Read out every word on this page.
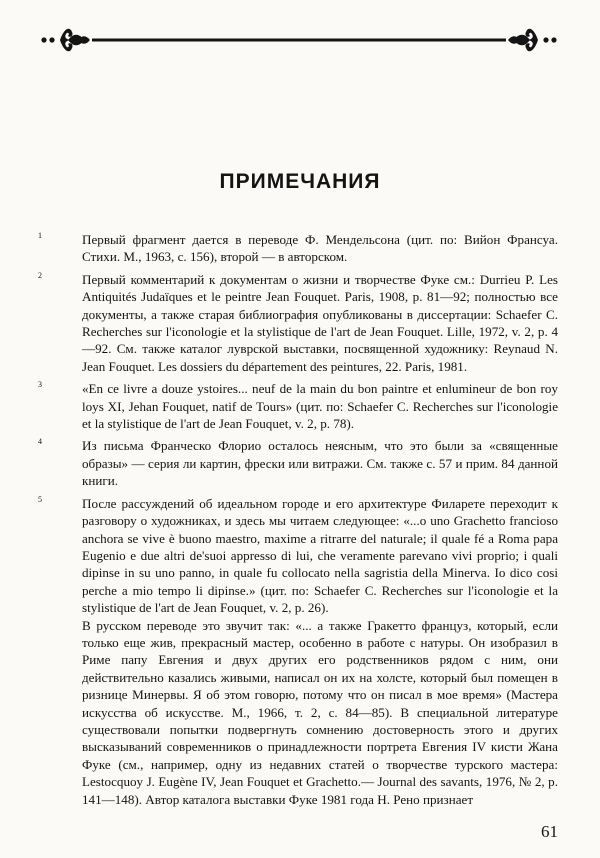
ПРИМЕЧАНИЯ
1	Первый фрагмент дается в переводе Ф. Мендельсона (цит. по: Вийон Франсуа. Стихи. М., 1963, с. 156), второй — в авторском.

2	Первый комментарий к документам о жизни и творчестве Фуке см.: Durrieu P. Les Antiquités Judaïques et le peintre Jean Fouquet. Paris, 1908, p. 81—92; полностью все документы, а также старая библиография опубликованы в диссертации: Schaefer C. Recherches sur l'iconologie et la stylistique de l'art de Jean Fouquet. Lille, 1972, v. 2, p. 4—92. См. также каталог луврской выставки, посвященной художнику: Reynaud N. Jean Fouquet. Les dossiers du département des peintures, 22. Paris, 1981.

3	«En ce livre a douze ystoires... neuf de la main du bon paintre et enlumineur de bon roy loys XI, Jehan Fouquet, natif de Tours» (цит. по: Schaefer C. Recherches sur l'iconologie et la stylistique de l'art de Jean Fouquet, v. 2, p. 78).

4	Из письма Франческо Флорио осталось неясным, что это были за «священные образы» — серия ли картин, фрески или витражи. См. также с. 57 и прим. 84 данной книги.

5	После рассуждений об идеальном городе и его архитектуре Филарете переходит к разговору о художниках, и здесь мы читаем следующее: «...о uno Grachetto francioso anchora se vive è buono maestro, maxime a ritrarre del naturale; il quale fé a Roma papa Eugenio e due altri de'suoi appresso di lui, che veramente parevano vivi proprio; i quali dipinse in su uno panno, in quale fu collocato nella sagristia della Minerva. Io dico cosi perche a mio tempo li dipinse.» (цит. по: Schaefer C. Recherches sur l'iconologie et la stylistique de l'art de Jean Fouquet, v. 2, p. 26).

В русском переводе это звучит так: «... а также Гракетто француз, который, если только еще жив, прекрасный мастер, особенно в работе с натуры. Он изобразил в Риме папу Евгения и двух других его родственников рядом с ним, они действительно казались живыми, написал он их на холсте, который был помещен в ризнице Минервы. Я об этом говорю, потому что он писал в мое время» (Мастера искусства об искусстве. М., 1966, т. 2, с. 84—85). В специальной литературе существовали попытки подвергнуть сомнению достоверность этого и других высказываний современников о принадлежности портрета Евгения IV кисти Жана Фуке (см., например, одну из недавних статей о творчестве турского мастера: Lestocquoy J. Eugène IV, Jean Fouquet et Grachetto.— Journal des savants, 1976, № 2, p. 141—148). Автор каталога выставки Фуке 1981 года Н. Рено признает

61
